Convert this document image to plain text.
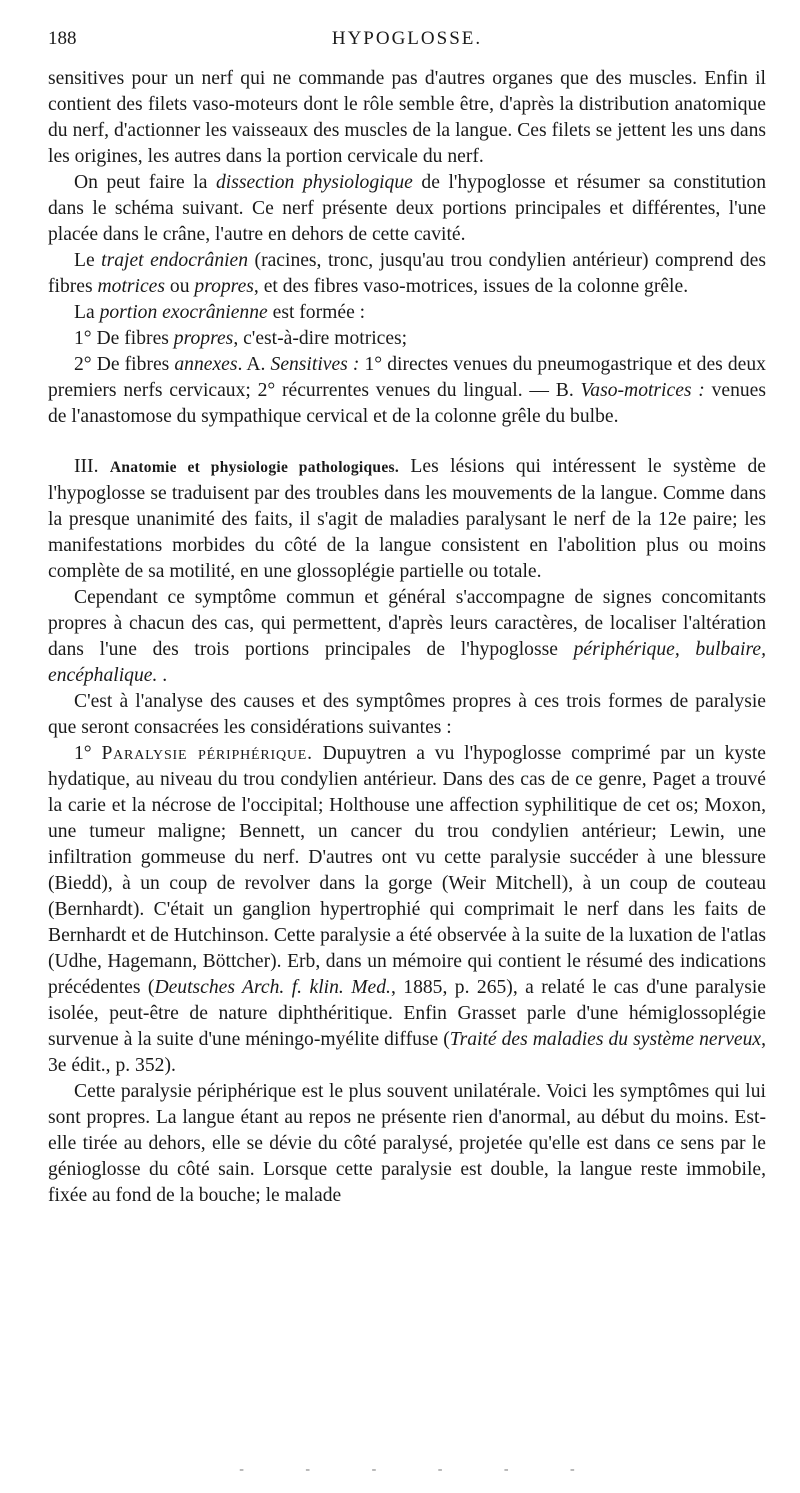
188	HYPOGLOSSE.

sensitives pour un nerf qui ne commande pas d'autres organes que des muscles. Enfin il contient des filets vaso-moteurs dont le rôle semble être, d'après la distribution anatomique du nerf, d'actionner les vaisseaux des muscles de la langue. Ces filets se jettent les uns dans les origines, les autres dans la portion cervicale du nerf.

On peut faire la dissection physiologique de l'hypoglosse et résumer sa constitution dans le schéma suivant. Ce nerf présente deux portions principales et différentes, l'une placée dans le crâne, l'autre en dehors de cette cavité.

Le trajet endocrânien (racines, tronc, jusqu'au trou condylien antérieur) comprend des fibres motrices ou propres, et des fibres vaso-motrices, issues de la colonne grêle.

La portion exocrânienne est formée :

1° De fibres propres, c'est-à-dire motrices;

2° De fibres annexes. A. Sensitives : 1° directes venues du pneumogastrique et des deux premiers nerfs cervicaux; 2° récurrentes venues du lingual. — B. Vaso-motrices : venues de l'anastomose du sympathique cervical et de la colonne grêle du bulbe.

III. Anatomie et physiologie pathologiques. Les lésions qui intéressent le système de l'hypoglosse se traduisent par des troubles dans les mouvements de la langue. Comme dans la presque unanimité des faits, il s'agit de maladies paralysant le nerf de la 12e paire; les manifestations morbides du côté de la langue consistent en l'abolition plus ou moins complète de sa motilité, en une glossoplégie partielle ou totale.

Cependant ce symptôme commun et général s'accompagne de signes concomitants propres à chacun des cas, qui permettent, d'après leurs caractères, de localiser l'altération dans l'une des trois portions principales de l'hypoglosse périphérique, bulbaire, encéphalique. .

C'est à l'analyse des causes et des symptômes propres à ces trois formes de paralysie que seront consacrées les considérations suivantes :

1° Paralysie périphérique. Dupuytren a vu l'hypoglosse comprimé par un kyste hydatique, au niveau du trou condylien antérieur. Dans des cas de ce genre, Paget a trouvé la carie et la nécrose de l'occipital; Holthouse une affection syphilitique de cet os; Moxon, une tumeur maligne; Bennett, un cancer du trou condylien antérieur; Lewin, une infiltration gommeuse du nerf. D'autres ont vu cette paralysie succéder à une blessure (Biedd), à un coup de revolver dans la gorge (Weir Mitchell), à un coup de couteau (Bernhardt). C'était un ganglion hypertrophié qui comprimait le nerf dans les faits de Bernhardt et de Hutchinson. Cette paralysie a été observée à la suite de la luxation de l'atlas (Udhe, Hagemann, Böttcher). Erb, dans un mémoire qui contient le résumé des indications précédentes (Deutsches Arch. f. klin. Med., 1885, p. 265), a relaté le cas d'une paralysie isolée, peut-être de nature diphthéritique. Enfin Grasset parle d'une hémiglossoplégie survenue à la suite d'une méningo-myélite diffuse (Traité des maladies du système nerveux, 3e édit., p. 352).

Cette paralysie périphérique est le plus souvent unilatérale. Voici les symptômes qui lui sont propres. La langue étant au repos ne présente rien d'anormal, au début du moins. Est-elle tirée au dehors, elle se dévie du côté paralysé, projetée qu'elle est dans ce sens par le génioglosse du côté sain. Lorsque cette paralysie est double, la langue reste immobile, fixée au fond de la bouche; le malade

- - - - - -
